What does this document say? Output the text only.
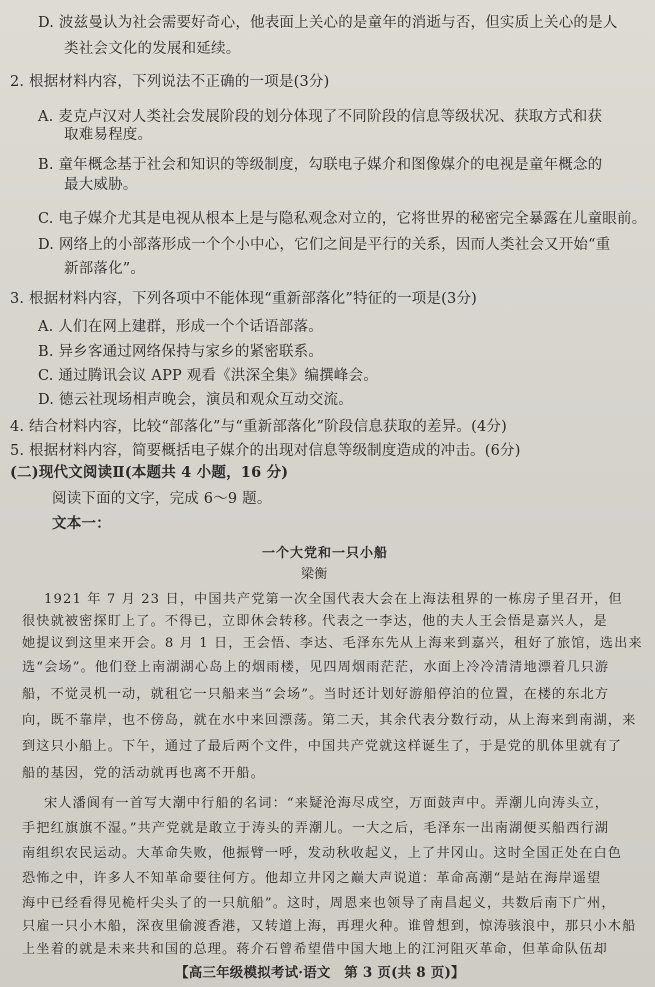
D. 波兹曼认为社会需要好奇心，他表面上关心的是童年的消逝与否，但实质上关心的是人
类社会文化的发展和延续。
2. 根据材料内容，下列说法不正确的一项是(3分)
A. 麦克卢汉对人类社会发展阶段的划分体现了不同阶段的信息等级状况、获取方式和获
取难易程度。
B. 童年概念基于社会和知识的等级制度，勾联电子媒介和图像媒介的电视是童年概念的
最大威胁。
C. 电子媒介尤其是电视从根本上是与隐私观念对立的，它将世界的秘密完全暴露在儿童眼前。
D. 网络上的小部落形成一个个小中心，它们之间是平行的关系，因而人类社会又开始“重
新部落化”。
3. 根据材料内容，下列各项中不能体现“重新部落化”特征的一项是(3分)
A. 人们在网上建群，形成一个个话语部落。
B. 异乡客通过网络保持与家乡的紧密联系。
C. 通过腾讯会议 APP 观看《洪深全集》编撰峰会。
D. 德云社现场相声晚会，演员和观众互动交流。
4. 结合材料内容，比较“部落化”与“重新部落化”阶段信息获取的差异。(4分)
5. 根据材料内容，简要概括电子媒介的出现对信息等级制度造成的冲击。(6分)
(二)现代文阅读Ⅱ(本题共 4 小题，16 分)
阅读下面的文字，完成 6～9 题。
文本一：
一个大党和一只小船
梁衡
1921 年 7 月 23 日，中国共产党第一次全国代表大会在上海法租界的一栋房子里召开，但
很快就被密探盯上了。不得已，立即休会转移。代表之一李达，他的夫人王会悟是嘉兴人，是
她提议到这里来开会。8 月 1 日，王会悟、李达、毛泽东先从上海来到嘉兴，租好了旅馆，选出来
选“会场”。他们登上南湖湖心岛上的烟雨楼，见四周烟雨茫茫，水面上冷冷清清地漂着几只游
船，不觉灵机一动，就租它一只船来当“会场”。当时还计划好游船停泊的位置，在楼的东北方
向，既不靠岸，也不傍岛，就在水中来回漂荡。第二天，其余代表分数行动，从上海来到南湖，来
到这只小船上。下午，通过了最后两个文件，中国共产党就这样诞生了，于是党的肌体里就有了
船的基因，党的活动就再也离不开船。
宋人潘阆有一首写大潮中行船的名词：“来疑沧海尽成空，万面鼓声中。弄潮儿向涛头立，
手把红旗旗不湿。”共产党就是敢立于涛头的弄潮儿。一大之后，毛泽东一出南湖便买船西行湖
南组织农民运动。大革命失败，他振臂一呼，发动秋收起义，上了井冈山。这时全国正处在白色
恐怖之中，许多人不知革命要往何方。他却立井冈之巅大声说道：革命高潮“是站在海岸遥望
海中已经看得见桅杆尖头了的一只航船”。这时，周恩来也领导了南昌起义，共数后南下广州，
只雇一只小木船，深夜里偷渡香港，又转道上海，再理火种。谁曾想到，惊涛骇浪中，那只小木船
上坐着的就是未来共和国的总理。蒋介石曾希望借中国大地上的江河阻灭革命，但革命队伍却
【高三年级模拟考试·语文　第 3 页(共 8 页)】
